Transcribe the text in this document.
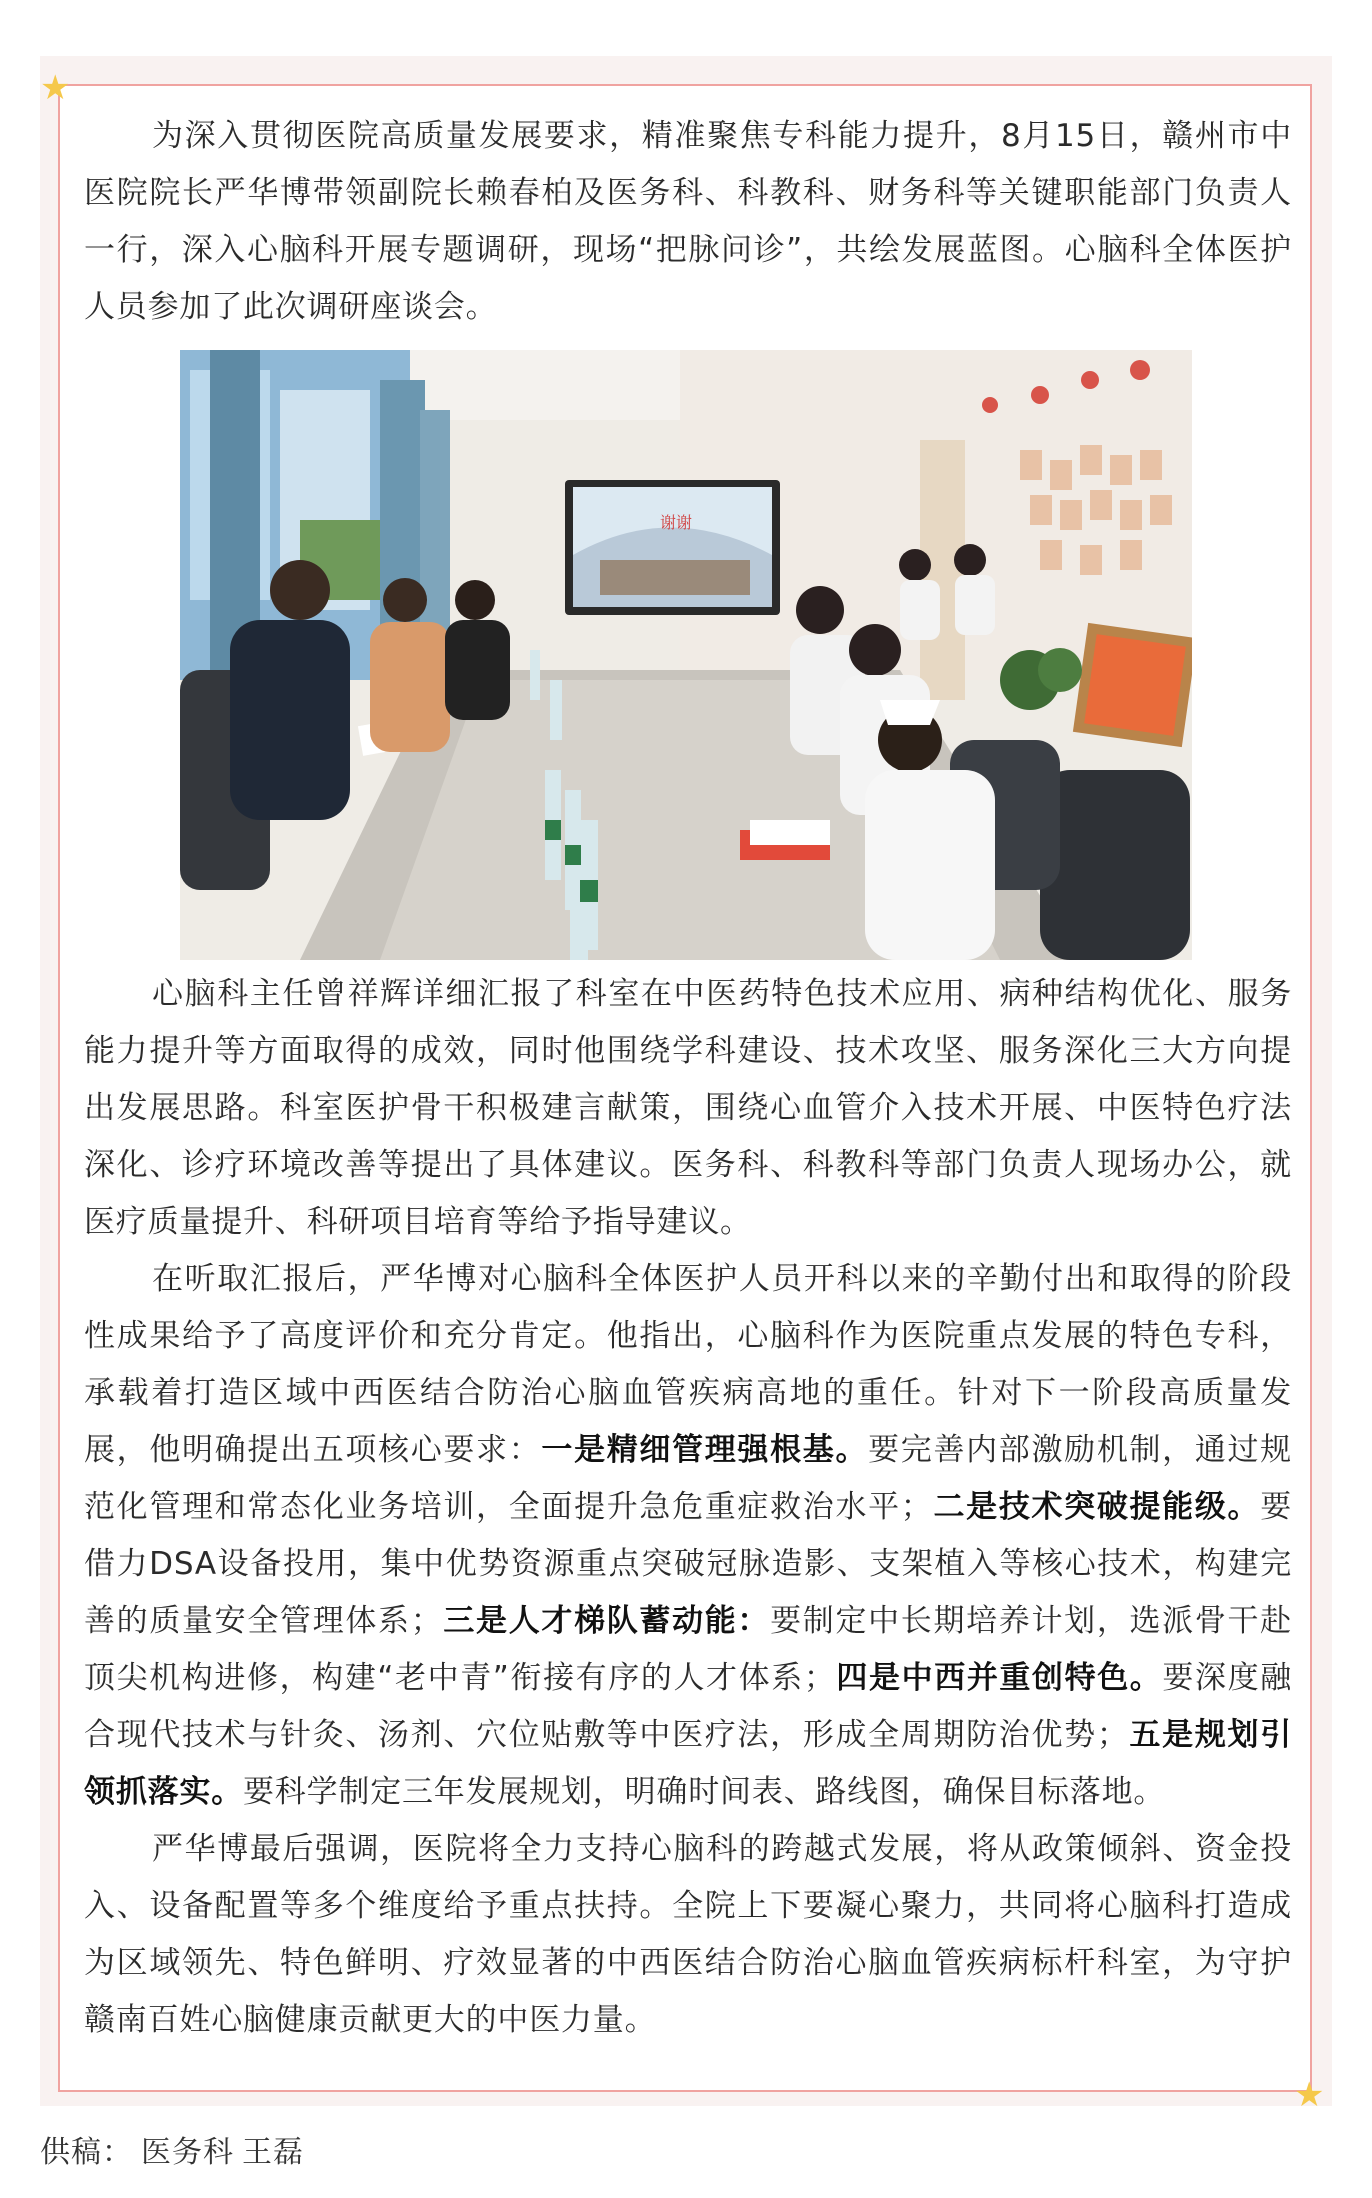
★
★

为深入贯彻医院高质量发展要求，精准聚焦专科能力提升，8月15日，赣州市中医院院长严华博带领副院长赖春柏及医务科、科教科、财务科等关键职能部门负责人一行，深入心脑科开展专题调研，现场“把脉问诊”，共绘发展蓝图。心脑科全体医护人员参加了此次调研座谈会。

谢谢

心脑科主任曾祥辉详细汇报了科室在中医药特色技术应用、病种结构优化、服务能力提升等方面取得的成效，同时他围绕学科建设、技术攻坚、服务深化三大方向提出发展思路。科室医护骨干积极建言献策，围绕心血管介入技术开展、中医特色疗法深化、诊疗环境改善等提出了具体建议。医务科、科教科等部门负责人现场办公，就医疗质量提升、科研项目培育等给予指导建议。

在听取汇报后，严华博对心脑科全体医护人员开科以来的辛勤付出和取得的阶段性成果给予了高度评价和充分肯定。他指出，心脑科作为医院重点发展的特色专科，承载着打造区域中西医结合防治心脑血管疾病高地的重任。针对下一阶段高质量发展，他明确提出五项核心要求：一是精细管理强根基。要完善内部激励机制，通过规范化管理和常态化业务培训，全面提升急危重症救治水平；二是技术突破提能级。要借力DSA设备投用，集中优势资源重点突破冠脉造影、支架植入等核心技术，构建完善的质量安全管理体系；三是人才梯队蓄动能：要制定中长期培养计划，选派骨干赴顶尖机构进修，构建“老中青”衔接有序的人才体系；四是中西并重创特色。要深度融合现代技术与针灸、汤剂、穴位贴敷等中医疗法，形成全周期防治优势；五是规划引领抓落实。要科学制定三年发展规划，明确时间表、路线图，确保目标落地。

严华博最后强调，医院将全力支持心脑科的跨越式发展，将从政策倾斜、资金投入、设备配置等多个维度给予重点扶持。全院上下要凝心聚力，共同将心脑科打造成为区域领先、特色鲜明、疗效显著的中西医结合防治心脑血管疾病标杆科室，为守护赣南百姓心脑健康贡献更大的中医力量。

供稿： 医务科 王磊
